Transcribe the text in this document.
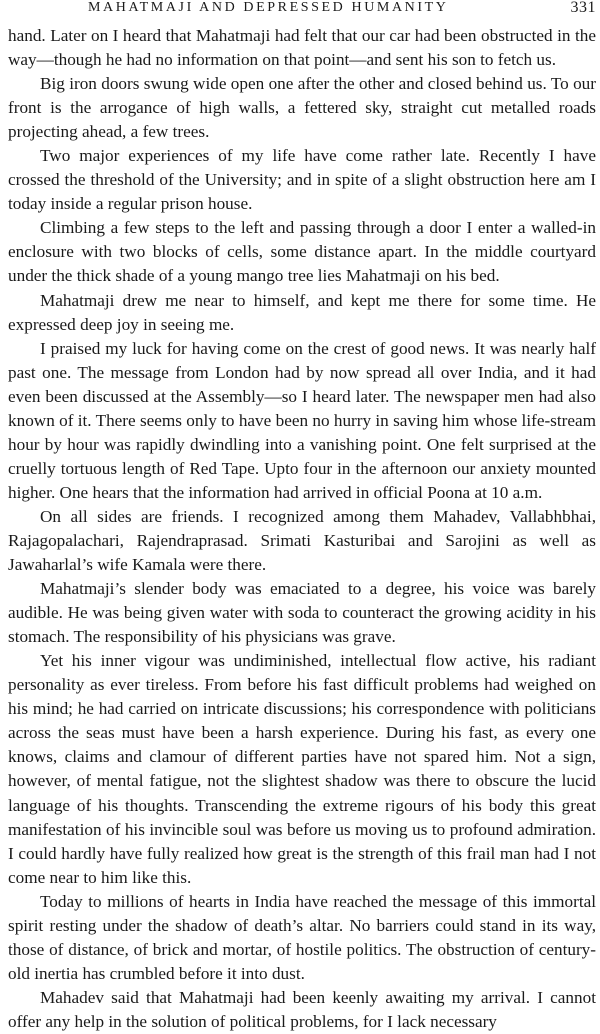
MAHATMAJI AND DEPRESSED HUMANITY	331

hand. Later on I heard that Mahatmaji had felt that our car had been obstructed in the way—though he had no information on that point—and sent his son to fetch us.

Big iron doors swung wide open one after the other and closed behind us. To our front is the arrogance of high walls, a fettered sky, straight cut metalled roads projecting ahead, a few trees.

Two major experiences of my life have come rather late. Recently I have crossed the threshold of the University; and in spite of a slight obstruction here am I today inside a regular prison house.

Climbing a few steps to the left and passing through a door I enter a walled-in enclosure with two blocks of cells, some distance apart. In the middle courtyard under the thick shade of a young mango tree lies Mahatmaji on his bed.

Mahatmaji drew me near to himself, and kept me there for some time. He expressed deep joy in seeing me.

I praised my luck for having come on the crest of good news. It was nearly half past one. The message from London had by now spread all over India, and it had even been discussed at the Assembly—so I heard later. The newspaper men had also known of it. There seems only to have been no hurry in saving him whose life-stream hour by hour was rapidly dwindling into a vanishing point. One felt surprised at the cruelly tortuous length of Red Tape. Upto four in the afternoon our anxiety mounted higher. One hears that the information had arrived in official Poona at 10 a.m.

On all sides are friends. I recognized among them Mahadev, Vallabhbhai, Rajagopalachari, Rajendraprasad. Srimati Kasturibai and Sarojini as well as Jawaharlal’s wife Kamala were there.

Mahatmaji’s slender body was emaciated to a degree, his voice was barely audible. He was being given water with soda to counteract the growing acidity in his stomach. The responsibility of his physicians was grave.

Yet his inner vigour was undiminished, intellectual flow active, his radiant personality as ever tireless. From before his fast difficult problems had weighed on his mind; he had carried on intricate discussions; his correspondence with politicians across the seas must have been a harsh experience. During his fast, as every one knows, claims and clamour of different parties have not spared him. Not a sign, however, of mental fatigue, not the slightest shadow was there to obscure the lucid language of his thoughts. Transcending the extreme rigours of his body this great manifestation of his invincible soul was before us moving us to profound admiration. I could hardly have fully realized how great is the strength of this frail man had I not come near to him like this.

Today to millions of hearts in India have reached the message of this immortal spirit resting under the shadow of death’s altar. No barriers could stand in its way, those of distance, of brick and mortar, of hostile politics. The obstruction of century-old inertia has crumbled before it into dust.

Mahadev said that Mahatmaji had been keenly awaiting my arrival. I cannot offer any help in the solution of political problems, for I lack necessary
